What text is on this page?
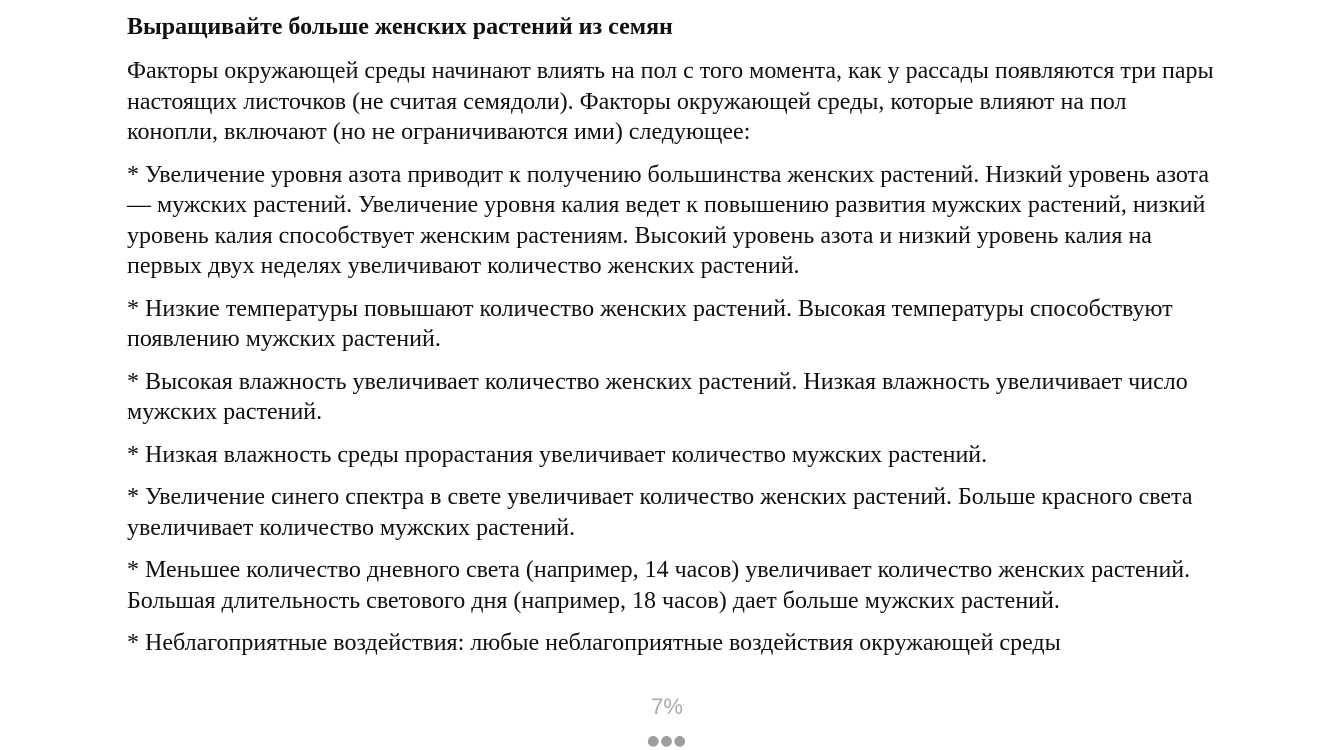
Выращивайте больше женских растений из семян

Факторы окружающей среды начинают влиять на пол с того момента, как у рассады появляются три пары настоящих листочков (не считая семядоли). Факторы окружающей среды, которые влияют на пол конопли, включают (но не ограничиваются ими) следующее:

* Увеличение уровня азота приводит к получению большинства женских растений. Низкий уровень азота — мужских растений. Увеличение уровня калия ведет к повышению развития мужских растений, низкий уровень калия способствует женским растениям. Высокий уровень азота и низкий уровень калия на первых двух неделях увеличивают количество женских растений.

* Низкие температуры повышают количество женских растений. Высокая температуры способствуют появлению мужских растений.

* Высокая влажность увеличивает количество женских растений. Низкая влажность увеличивает число мужских растений.

* Низкая влажность среды прорастания увеличивает количество мужских растений.

* Увеличение синего спектра в свете увеличивает количество женских растений. Больше красного света увеличивает количество мужских растений.

* Меньшее количество дневного света (например, 14 часов) увеличивает количество женских растений. Большая длительность светового дня (например, 18 часов) дает больше мужских растений.

* Неблагоприятные воздействия: любые неблагоприятные воздействия окружающей среды

7%
●●●
